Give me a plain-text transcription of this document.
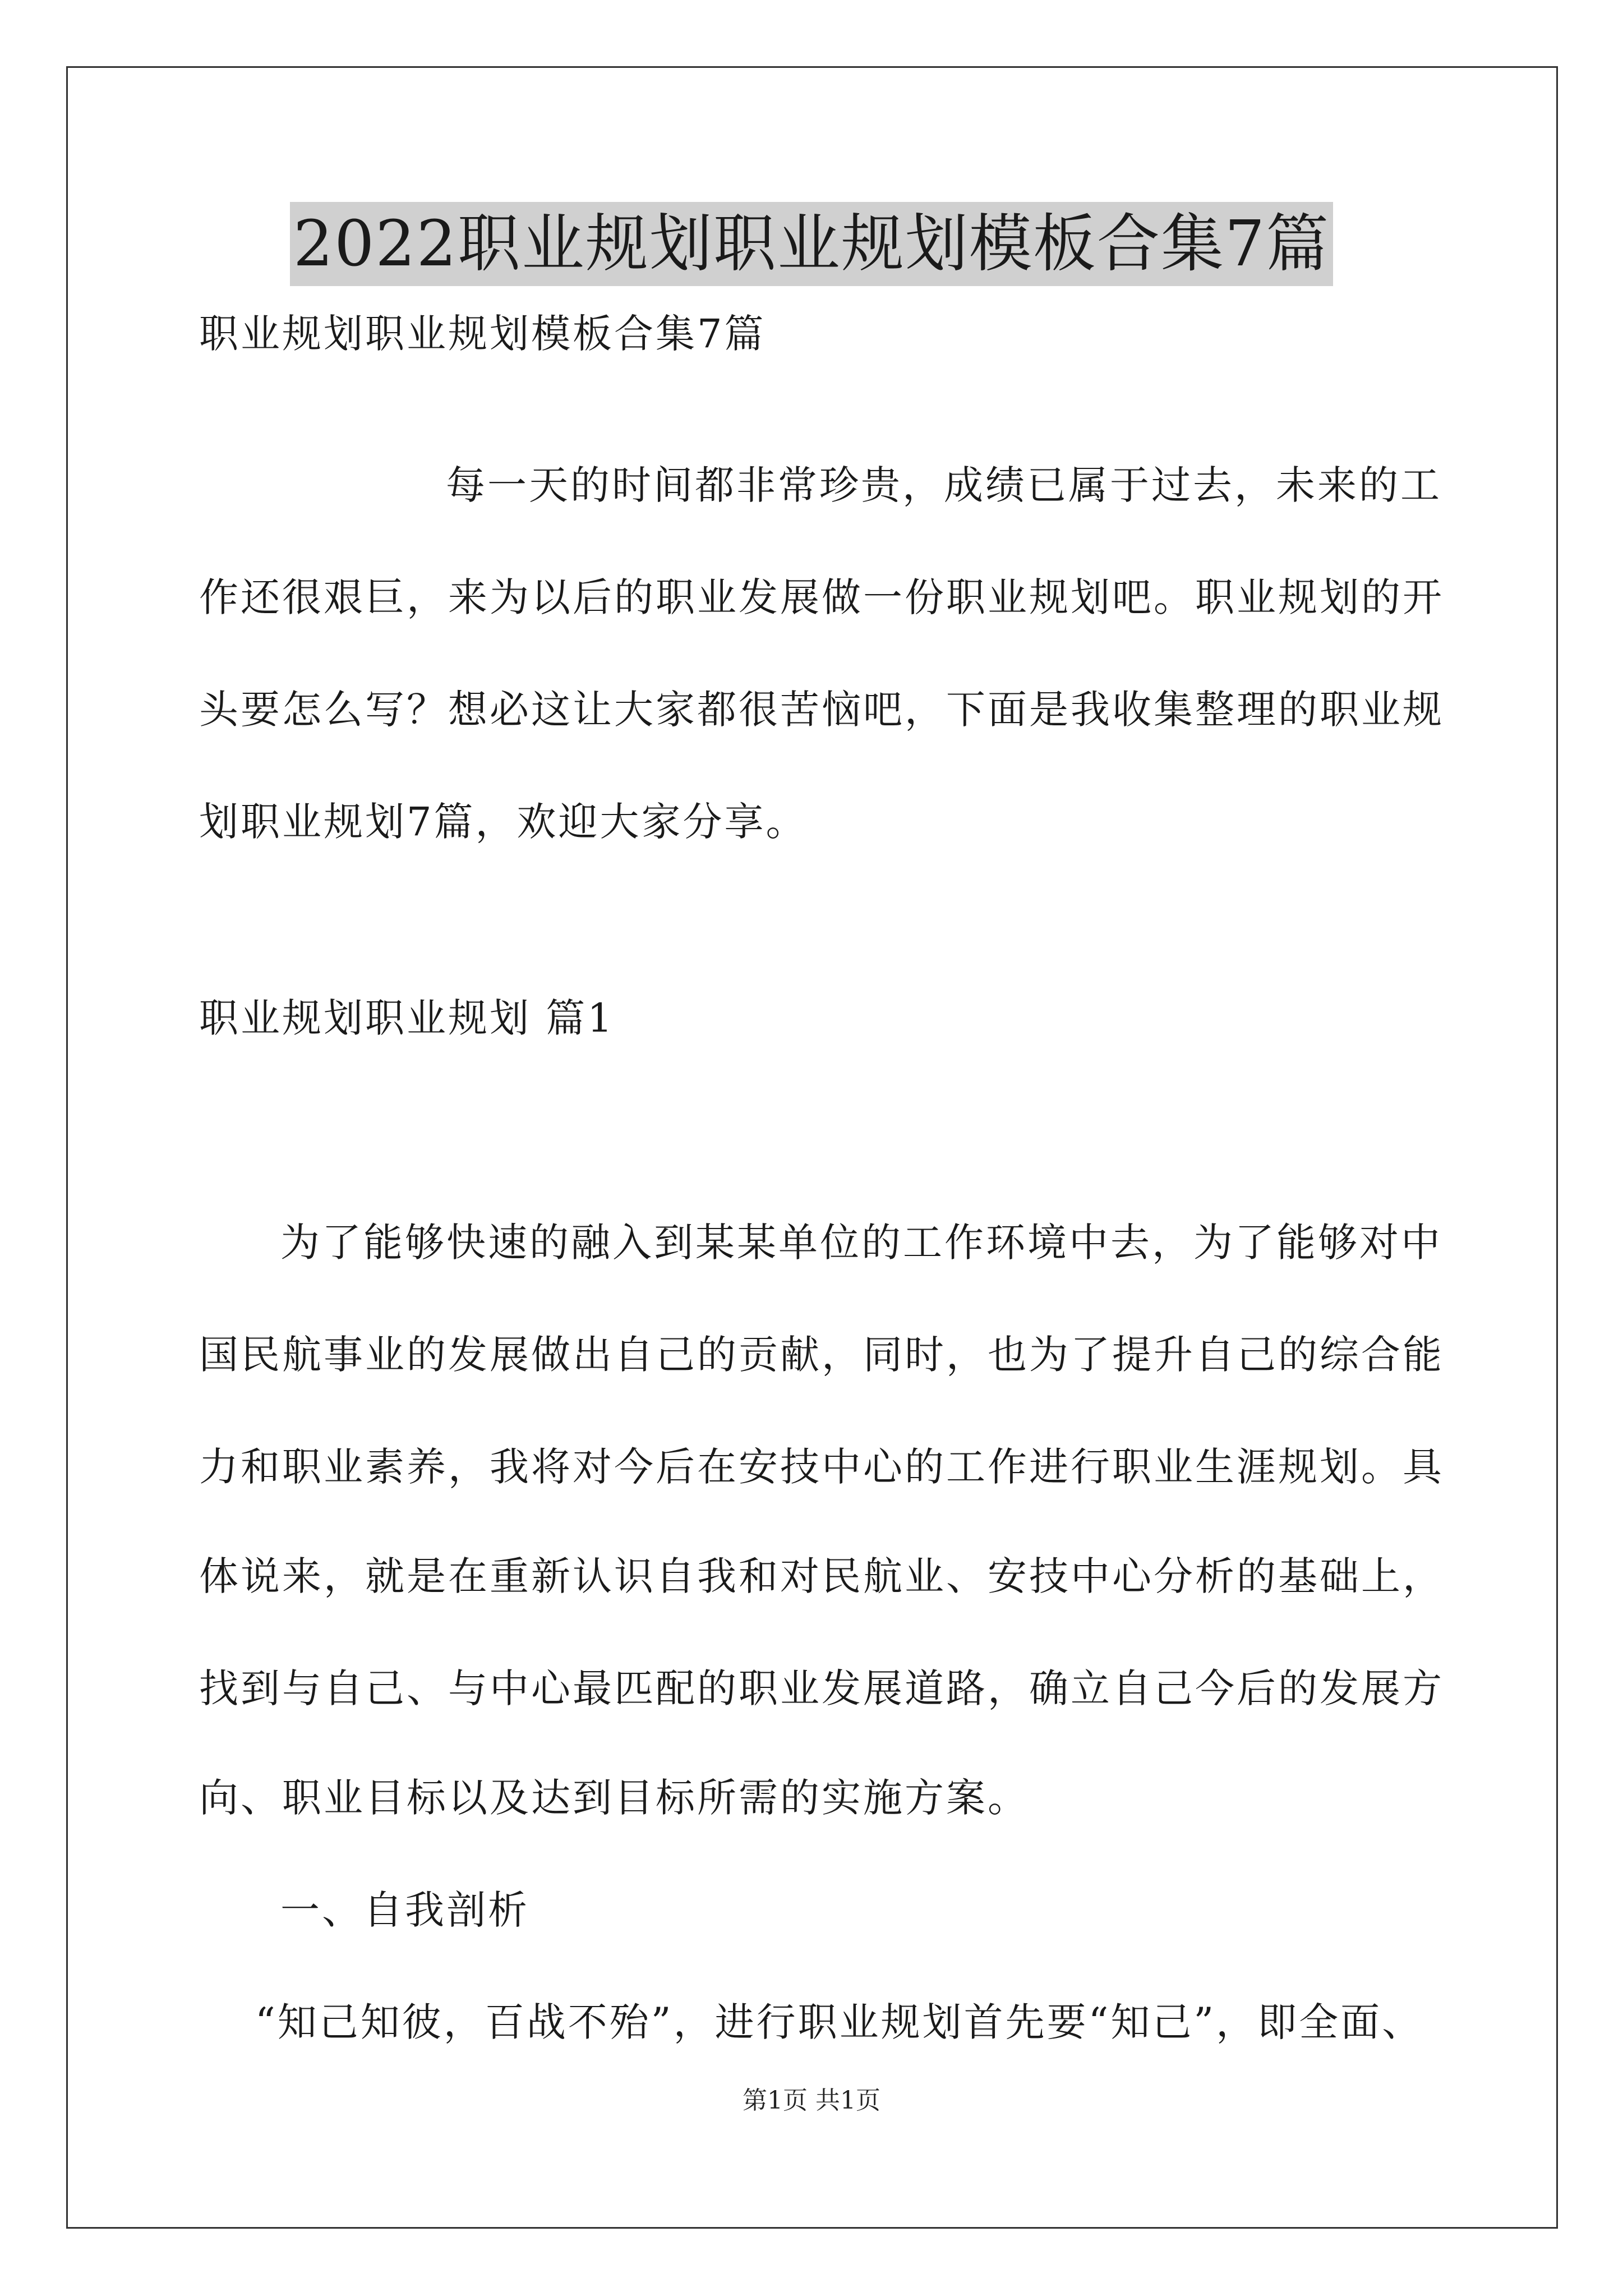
2022职业规划职业规划模板合集7篇
职业规划职业规划模板合集7篇
每一天的时间都非常珍贵，成绩已属于过去，未来的工
作还很艰巨，来为以后的职业发展做一份职业规划吧。职业规划的开
头要怎么写？想必这让大家都很苦恼吧，下面是我收集整理的职业规
划职业规划7篇，欢迎大家分享。
职业规划职业规划 篇1
为了能够快速的融入到某某单位的工作环境中去，为了能够对中
国民航事业的发展做出自己的贡献，同时，也为了提升自己的综合能
力和职业素养，我将对今后在安技中心的工作进行职业生涯规划。具
体说来，就是在重新认识自我和对民航业、安技中心分析的基础上，
找到与自己、与中心最匹配的职业发展道路，确立自己今后的发展方
向、职业目标以及达到目标所需的实施方案。
一、自我剖析
“知己知彼，百战不殆”，进行职业规划首先要“知己”，即全面、
第1页 共1页
